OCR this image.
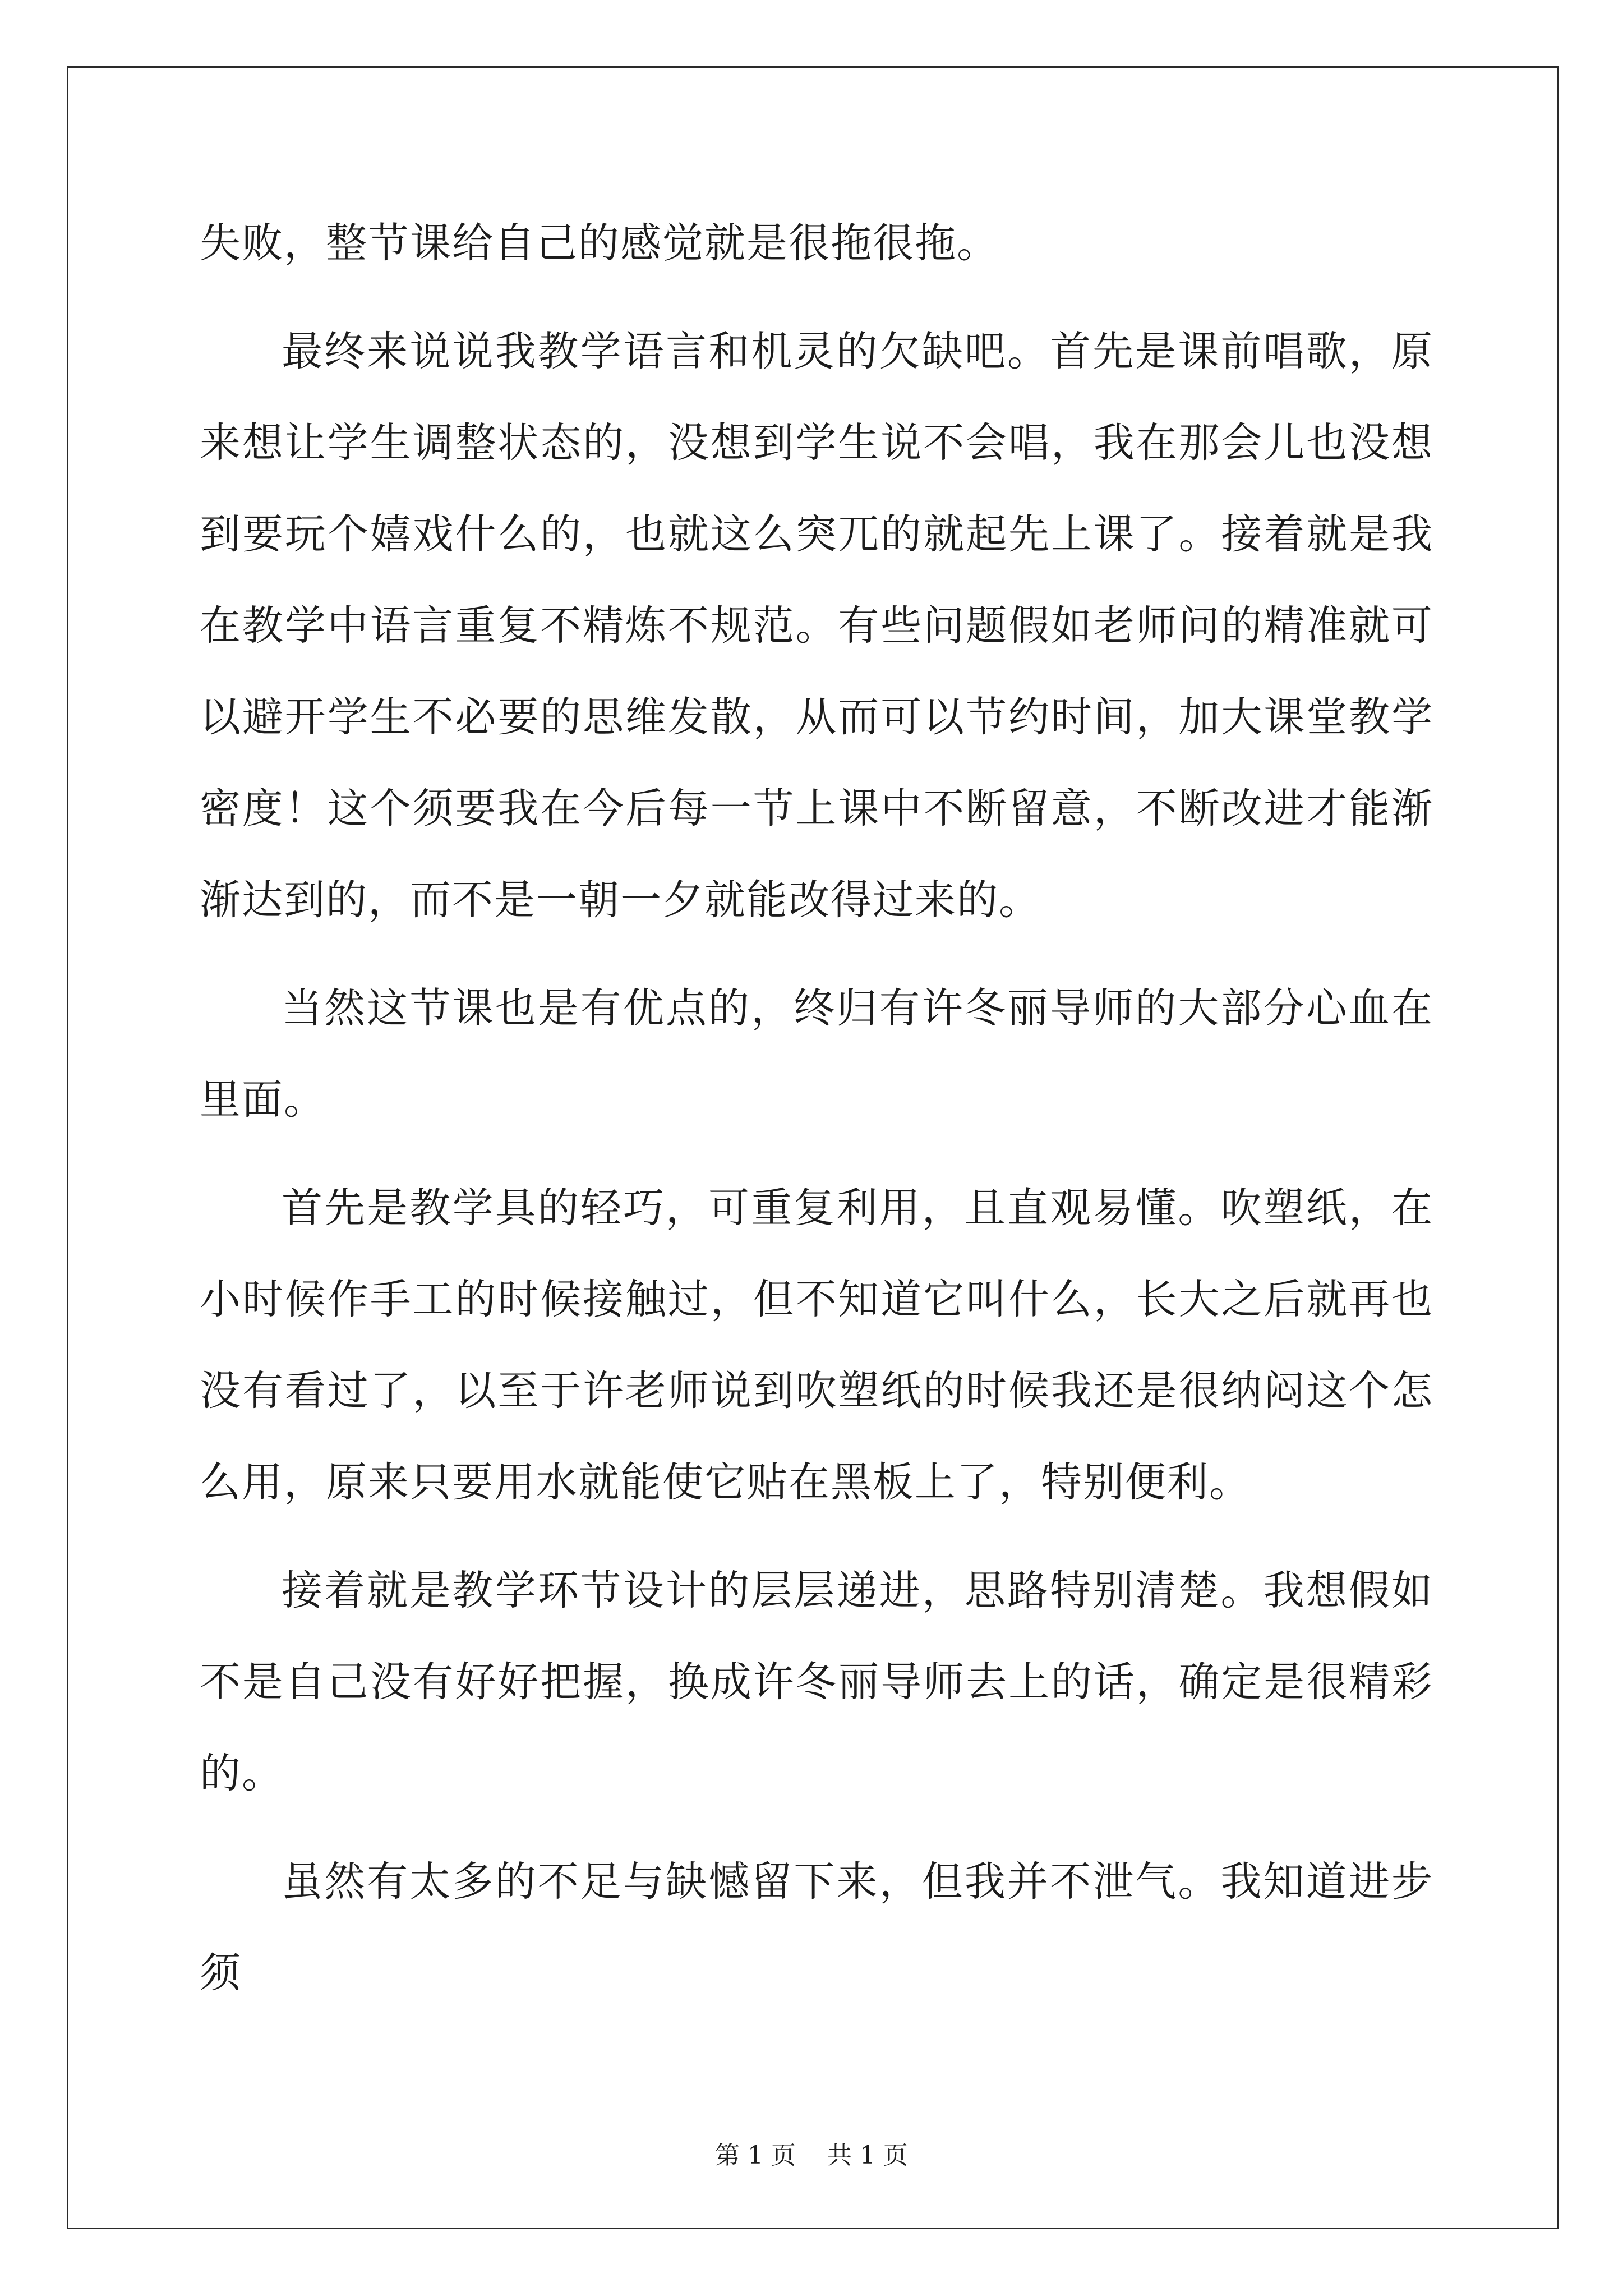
失败，整节课给自己的感觉就是很拖很拖。

最终来说说我教学语言和机灵的欠缺吧。首先是课前唱歌，原来想让学生调整状态的，没想到学生说不会唱，我在那会儿也没想到要玩个嬉戏什么的，也就这么突兀的就起先上课了。接着就是我在教学中语言重复不精炼不规范。有些问题假如老师问的精准就可以避开学生不必要的思维发散，从而可以节约时间，加大课堂教学密度！这个须要我在今后每一节上课中不断留意，不断改进才能渐渐达到的，而不是一朝一夕就能改得过来的。

当然这节课也是有优点的，终归有许冬丽导师的大部分心血在里面。

首先是教学具的轻巧，可重复利用，且直观易懂。吹塑纸，在小时候作手工的时候接触过，但不知道它叫什么，长大之后就再也没有看过了，以至于许老师说到吹塑纸的时候我还是很纳闷这个怎么用，原来只要用水就能使它贴在黑板上了，特别便利。

接着就是教学环节设计的层层递进，思路特别清楚。我想假如不是自己没有好好把握，换成许冬丽导师去上的话，确定是很精彩的。

虽然有太多的不足与缺憾留下来，但我并不泄气。我知道进步须

第 1 页 共 1 页
